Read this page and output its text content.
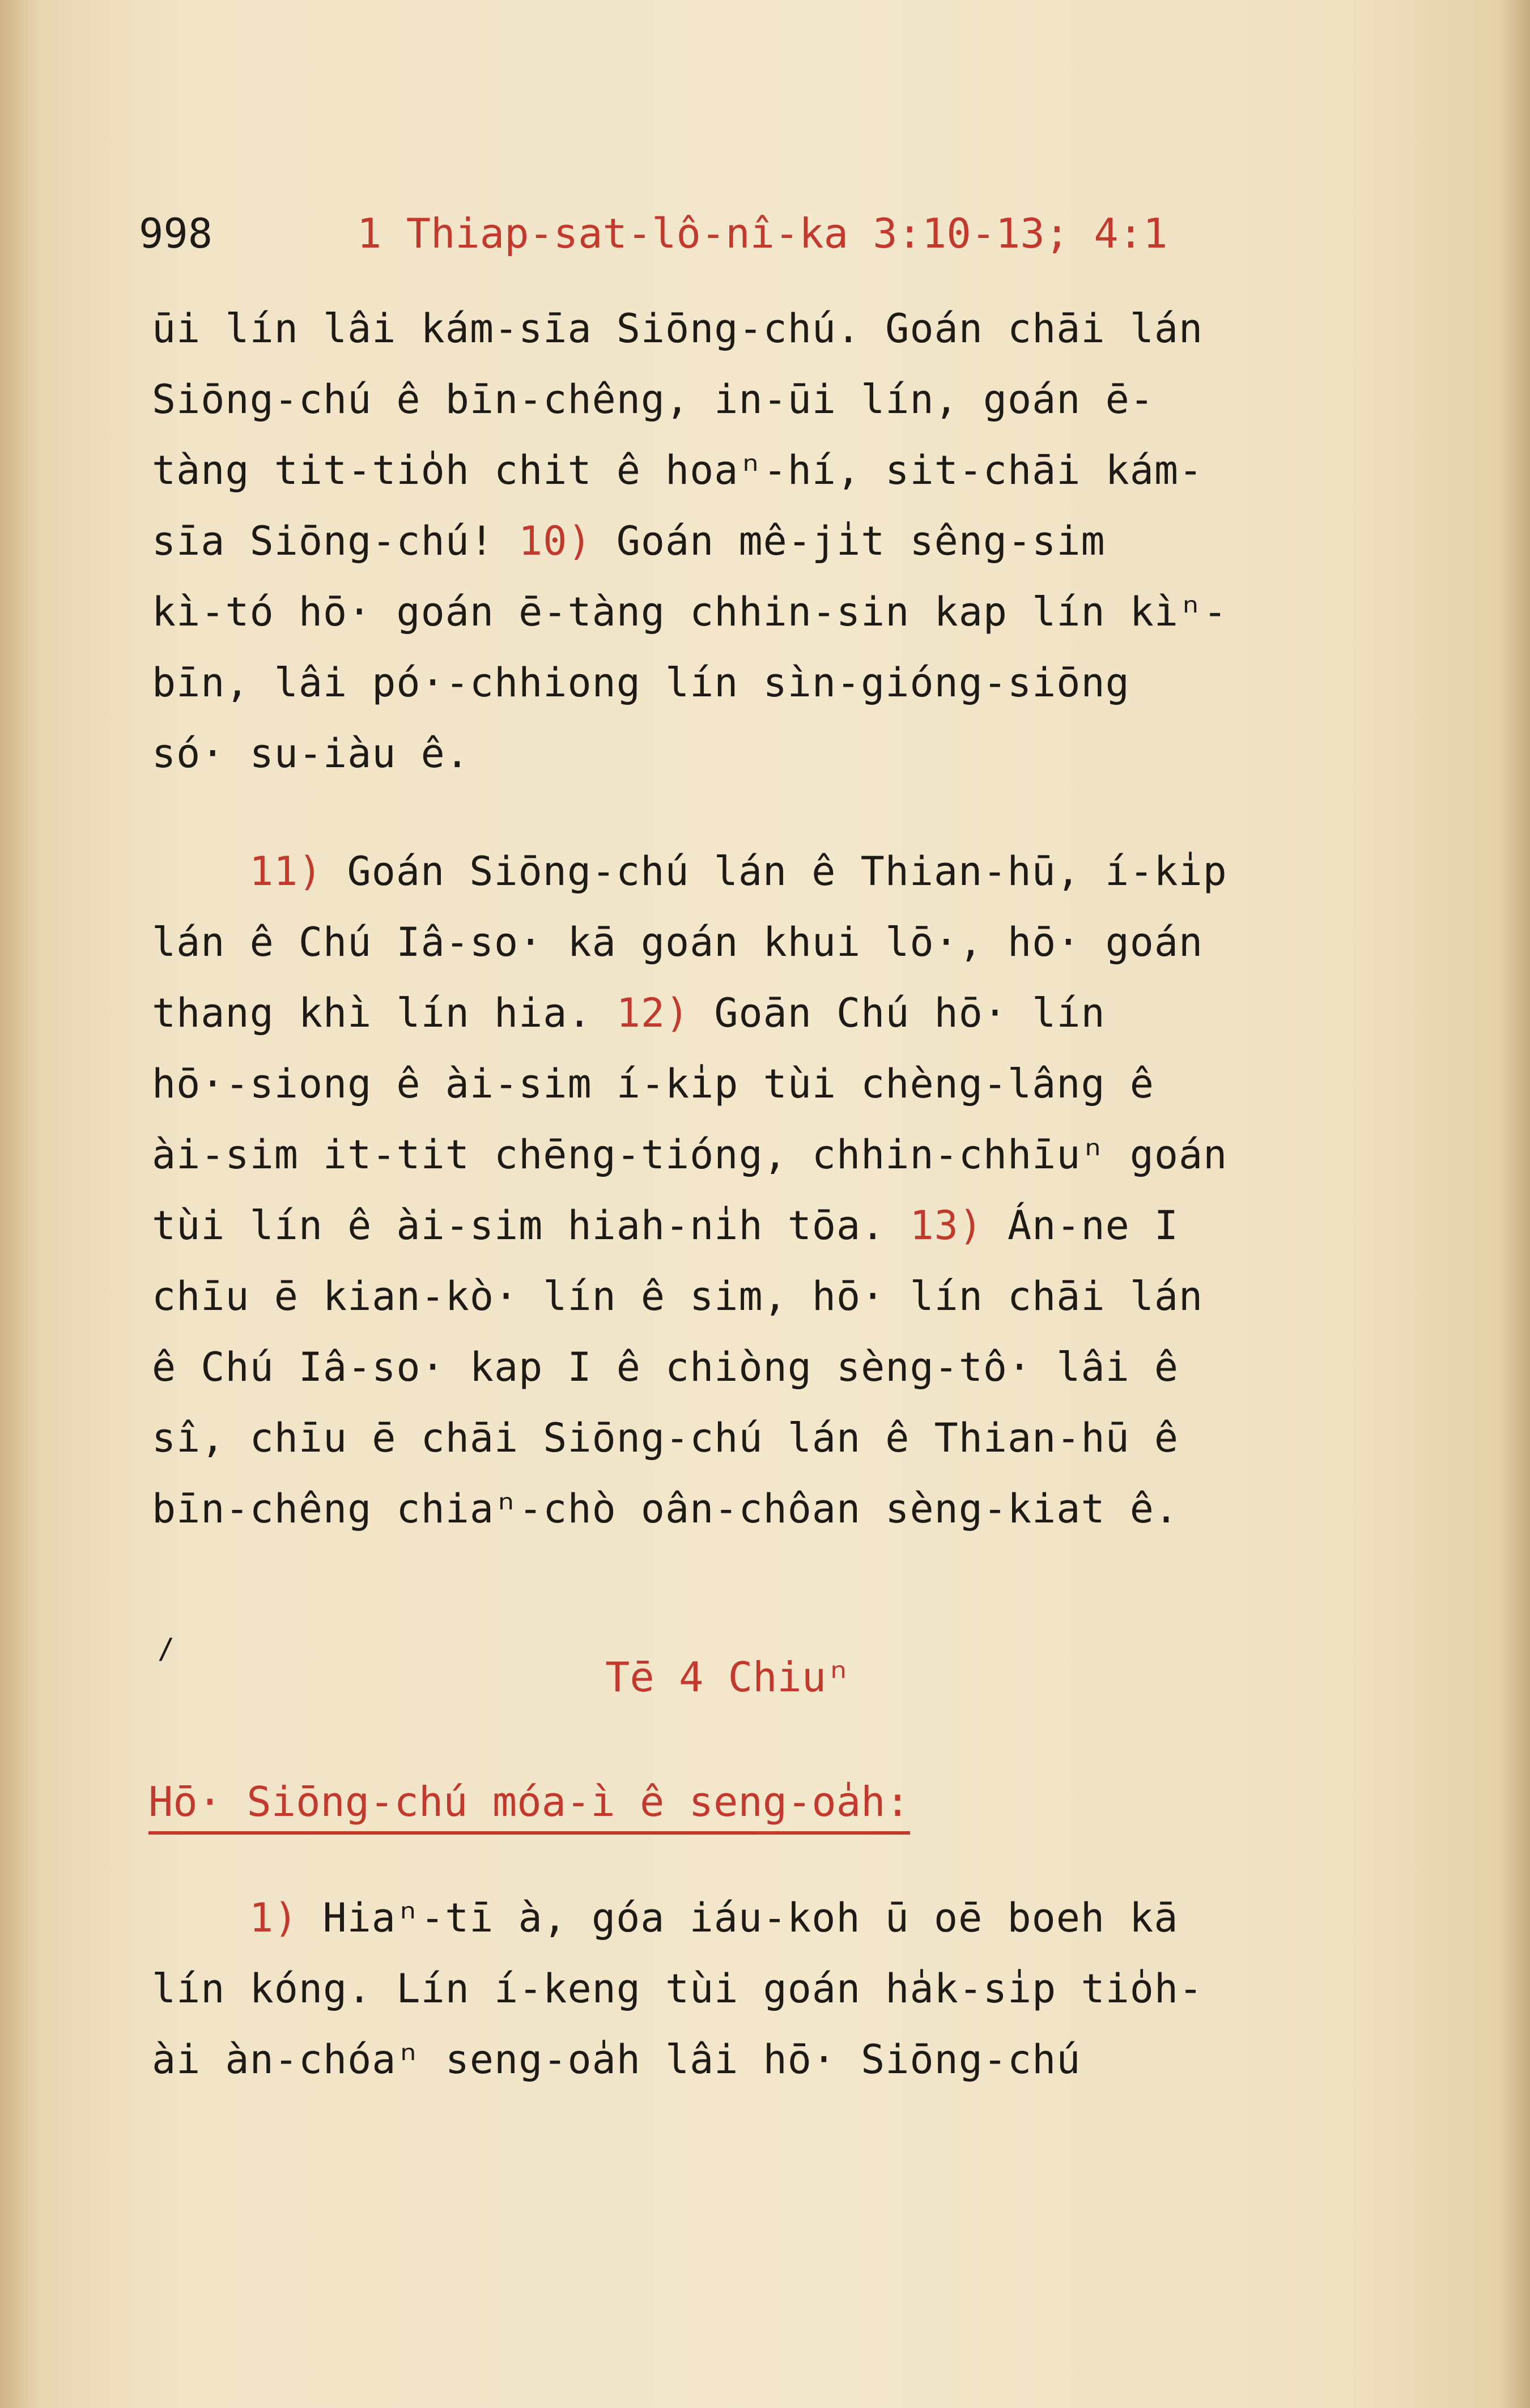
998	1 Thiap-sat-lô-nî-ka 3:10-13; 4:1

ūi lín lâi kám-sīa Siōng-chú. Goán chāi lán

Siōng-chú ê bīn-chêng, in-ūi lín, goán ē-

tàng tit-tio̍h chit ê hoaⁿ-hí, sit-chāi kám-

sīa Siōng-chú! 10) Goán mê-ji̍t sêng-sim

kì-tó hō· goán ē-tàng chhin-sin kap lín kìⁿ-

bīn, lâi pó·-chhiong lín sìn-gióng-siōng

só· su-iàu ê.

11) Goán Siōng-chú lán ê Thian-hū, í-ki̍p

lán ê Chú Iâ-so· kā goán khui lō·, hō· goán

thang khì lín hia. 12) Goān Chú hō· lín

hō·-siong ê ài-sim í-ki̍p tùi chèng-lâng ê

ài-sim it-tit chēng-tióng, chhin-chhīuⁿ goán

tùi lín ê ài-sim hiah-ni̍h tōa. 13) Án-ne I

chīu ē kian-kò· lín ê sim, hō· lín chāi lán

ê Chú Iâ-so· kap I ê chiòng sèng-tô· lâi ê

sî, chīu ē chāi Siōng-chú lán ê Thian-hū ê

bīn-chêng chiaⁿ-chò oân-chôan sèng-kiat ê.

/
Tē 4 Chiuⁿ
Hō· Siōng-chú móa-ì ê seng-oa̍h:

1) Hiaⁿ-tī à, góa iáu-koh ū oē boeh kā

lín kóng. Lín í-keng tùi goán ha̍k-si̍p tio̍h-

ài àn-chóaⁿ seng-oa̍h lâi hō· Siōng-chú
